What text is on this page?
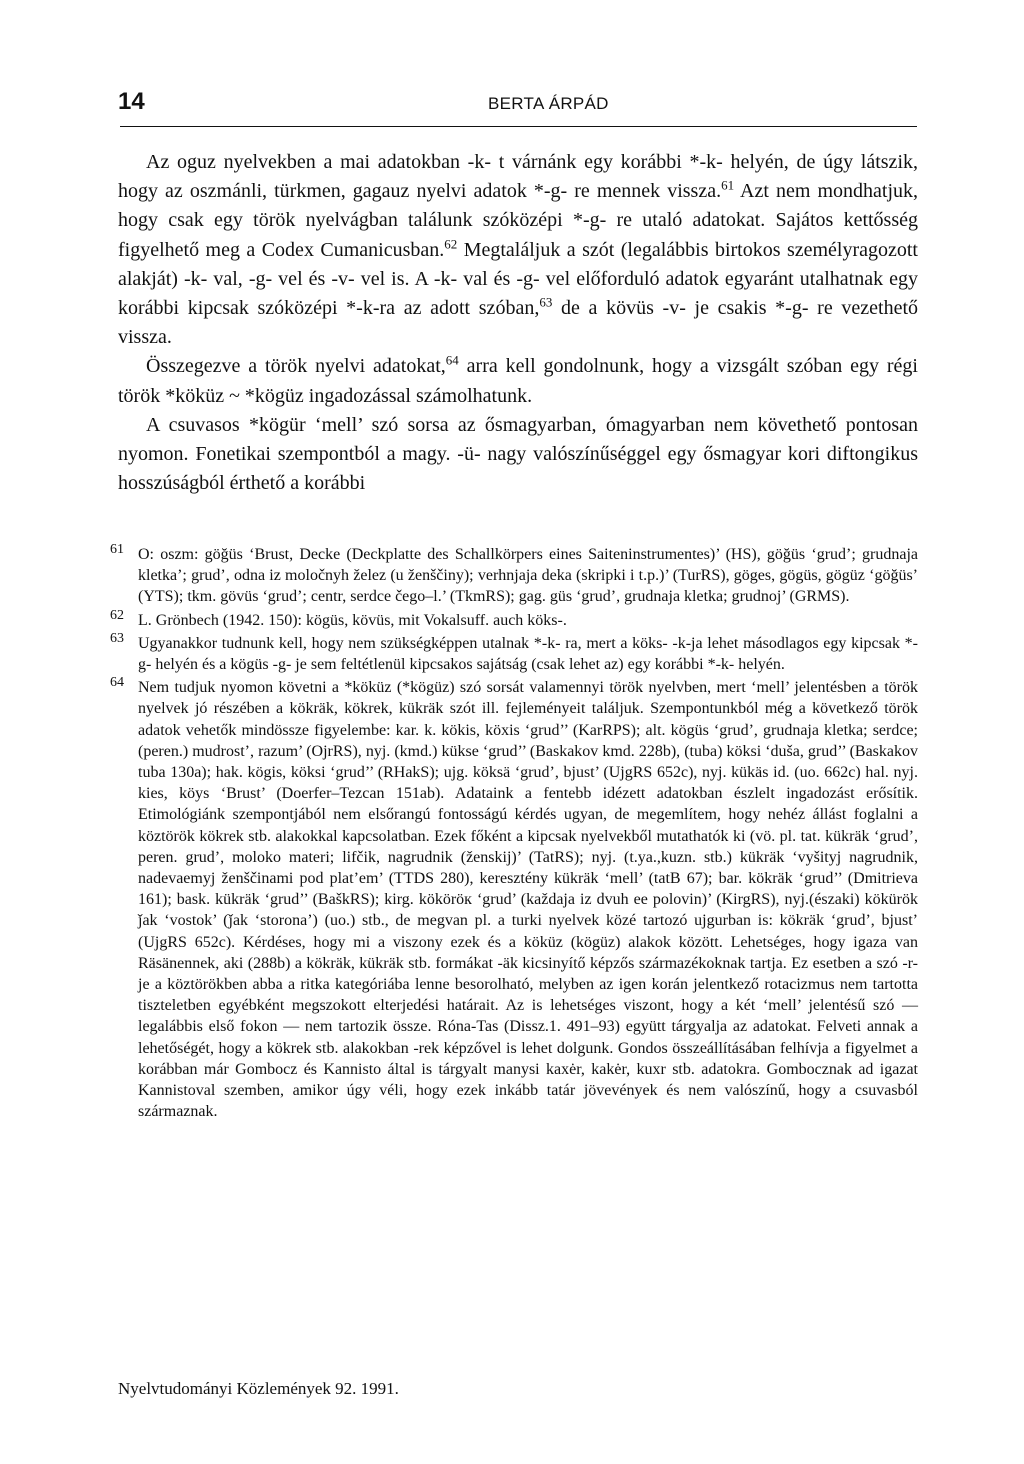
14	BERTA ÁRPÁD

Az oguz nyelvekben a mai adatokban -k- t várnánk egy korábbi *-k- helyén, de úgy látszik, hogy az oszmánli, türkmen, gagauz nyelvi adatok *-g- re mennek vissza.$^{61}$ Azt nem mondhatjuk, hogy csak egy török nyelvágban találunk szóközépi *-g- re utaló adatokat. Sajátos kettősség figyelhető meg a Codex Cumanicusban.$^{62}$ Megtaláljuk a szót (legalábbis birtokos személyragozott alakját) -k- val, -g- vel és -v- vel is. A -k- val és -g- vel előforduló adatok egyaránt utalhatnak egy korábbi kipcsak szóközépi *-k-ra az adott szóban,$^{63}$ de a kövüs -v- je csakis *-g- re vezethető vissza.

Összegezve a török nyelvi adatokat,$^{64}$ arra kell gondolnunk, hogy a vizsgált szóban egy régi török *kӧküz ~ *kӧgüz ingadozással számolhatunk.

A csuvasos *kӧgür ‘mell’ szó sorsa az ősmagyarban, ómagyarban nem követhető pontosan nyomon. Fonetikai szempontból a magy. -ü- nagy valószínűséggel egy ősmagyar kori diftongikus hosszúságból érthető a korábbi

61 O: oszm: gӧğüs ‘Brust, Decke (Deckplatte des Schallkörpers eines Saiteninstrumentes)’ (HS), gӧğüs ‘grud’; grudnaja kletka’; grud’, odna iz moločnyh želez (u ženščiny); verhnjaja deka (skripki i t.p.)’ (TurRS), göges, gögüs, gögüz ‘göğüs’ (YTS); tkm. gövüs ‘grud’; centr, serdce čego–l.’ (TkmRS); gag. güs ‘grud’, grudnaja kletka; grudnoj’ (GRMS).
62 L. Grönbech (1942. 150): kögüs, kövüs, mit Vokalsuff. auch köks-.
63 Ugyanakkor tudnunk kell, hogy nem szükségképpen utalnak *-k- ra, mert a köks- -k-ja lehet másodlagos egy kipcsak *-g- helyén és a kögüs -g- je sem feltétlenül kipcsakos sajátság (csak lehet az) egy korábbi *-k- helyén.
64 Nem tudjuk nyomon követni a *köküz (*kögüz) szó sorsát valamennyi török nyelvben, mert ‘mell’ jelentésben a török nyelvek jó részében a kökräk, kökrek, kükräk szót ill. fejleményeit találjuk. Szempontunkból még a következő török adatok vehetők mindössze figyelembe: kar. k. kökis, köxis ‘grud’’ (KarRPS); alt. kögüs ‘grud’, grudnaja kletka; serdce; (peren.) mudrost’, razum’ (OjrRS), nyj. (kmd.) kükse ‘grud’’ (Baskakov kmd. 228b), (tuba) köksi ‘duša, grud’’ (Baskakov tuba 130a); hak. kögis, köksi ‘grud’’ (RHakS); ujg. köksä ‘grud’, bjust’ (UjgRS 652c), nyj. kükäs id. (uo. 662c) hal. nyj. kies, köys ‘Brust’ (Doerfer–Tezcan 151ab). Adataink a fentebb idézett adatokban észlelt ingadozást erősítik. Etimológiánk szempontjából nem elsőrangú fontosságú kérdés ugyan, de megemlítem, hogy nehéz állást foglalni a köztörök kökrek stb. alakokkal kapcsolatban. Ezek főként a kipcsak nyelvekből mutathatók ki (vö. pl. tat. kükräk ‘grud’, peren. grud’, moloko materi; lifčik, nagrudnik (ženskij)’ (TatRS); nyj. (t.ya.,kuzn. stb.) kükräk ‘vyšityj nagrudnik, nadevaemyj ženščinami pod plat’em’ (TTDS 280), keresztény kükräk ‘mell’ (tatB 67); bar. kökräk ‘grud’’ (Dmitrieva 161); bask. kükräk ‘grud’’ (BaškRS); kirg. kököröк ‘grud’ (každaja iz dvuh ee polovin)’ (KirgRS), nyj.(északi) kökürök ǰak ‘vostok’ (ǰak ‘storona’) (uo.) stb., de megvan pl. a turki nyelvek közé tartozó ujgurban is: kökräk ‘grud’, bjust’ (UjgRS 652c). Kérdéses, hogy mi a viszony ezek és a köküz (kögüz) alakok között. Lehetséges, hogy igaza van Räsänennek, aki (288b) a kökräk, kükräk stb. formákat -äk kicsinyítő képzős származékoknak tartja. Ez esetben a szó -r-je a köztörökben abba a ritka kategóriába lenne besorolható, melyben az igen korán jelentkező rotacizmus nem tartotta tiszteletben egyébként megszokott elterjedési határait. Az is lehetséges viszont, hogy a két ‘mell’ jelentésű szó — legalábbis első fokon — nem tartozik össze. Róna-Tas (Dissz.1. 491–93) együtt tárgyalja az adatokat. Felveti annak a lehetőségét, hogy a kökrek stb. alakokban -rek képzővel is lehet dolgunk. Gondos összeállításában felhívja a figyelmet a korábban már Gombocz és Kannisto által is tárgyalt manysi kaxėr, kakėr, kuxr stb. adatokra. Gombocznak ad igazat Kannistoval szemben, amikor úgy véli, hogy ezek inkább tatár jövevények és nem valószínű, hogy a csuvasból származnak.
Nyelvtudományi Közlemények 92. 1991.
